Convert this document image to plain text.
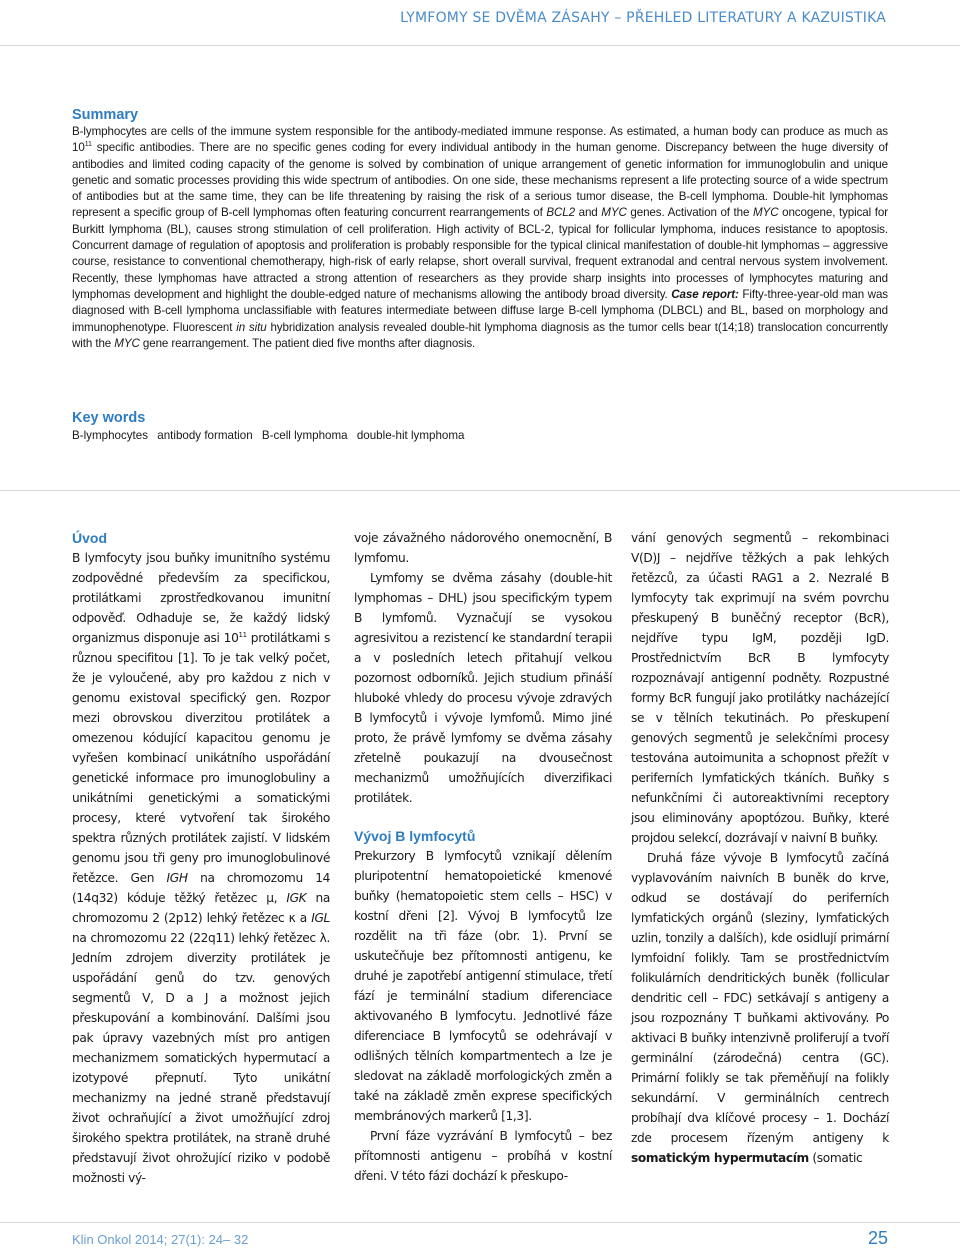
LYMFOMY SE DVĚMA ZÁSAHY – PŘEHLED LITERATURY A KAZUISTIKA
Summary

B-lymphocytes are cells of the immune system responsible for the antibody-mediated immune response. As estimated, a human body can produce as much as $10^{11}$ specific antibodies. There are no specific genes coding for every individual antibody in the human genome. Discrepancy between the huge diversity of antibodies and limited coding capacity of the genome is solved by combination of unique arrangement of genetic information for immunoglobulin and unique genetic and somatic processes providing this wide spectrum of antibodies. On one side, these mechanisms represent a life protecting source of a wide spectrum of antibodies but at the same time, they can be life threatening by raising the risk of a serious tumor disease, the B-cell lymphoma. Double-hit lymphomas represent a specific group of B-cell lymphomas often featuring concurrent rearrangements of BCL2 and MYC genes. Activation of the MYC oncogene, typical for Burkitt lymphoma (BL), causes strong stimulation of cell proliferation. High activity of BCL-2, typical for follicular lymphoma, induces resistance to apoptosis. Concurrent damage of regulation of apoptosis and proliferation is probably responsible for the typical clinical manifestation of double-hit lymphomas – aggressive course, resistance to conventional chemotherapy, high-risk of early relapse, short overall survival, frequent extranodal and central nervous system involvement. Recently, these lymphomas have attracted a strong attention of researchers as they provide sharp insights into processes of lymphocytes maturing and lymphomas development and highlight the double-edged nature of mechanisms allowing the antibody broad diversity. Case report: Fifty-three-year-old man was diagnosed with B-cell lymphoma unclassifiable with features intermediate between diffuse large B-cell lymphoma (DLBCL) and BL, based on morphology and immunophenotype. Fluorescent in situ hybridization analysis revealed double-hit lymphoma diagnosis as the tumor cells bear t(14;18) translocation concurrently with the MYC gene rearrangement. The patient died five months after diagnosis.

Key words

B-lymphocytes antibody formation B-cell lymphoma double-hit lymphoma

Úvod

B lymfocyty jsou buňky imunitního systému zodpovědné především za specifickou, protilátkami zprostředkovanou imunitní odpověď. Odhaduje se, že každý lidský organizmus disponuje asi $10^{11}$ protilátkami s různou specifitou [1]. To je tak velký počet, že je vyloučené, aby pro každou z nich v genomu existoval specifický gen. Rozpor mezi obrovskou diverzitou protilátek a omezenou kódující kapacitou genomu je vyřešen kombinací unikátního uspořádání genetické informace pro imunoglobuliny a unikátními genetickými a somatickými procesy, které vytvoření tak širokého spektra různých protilátek zajistí. V lidském genomu jsou tři geny pro imunoglobulinové řetězce. Gen IGH na chromozomu 14 (14q32) kóduje těžký řetězec µ, IGK na chromozomu 2 (2p12) lehký řetězec κ a IGL na chromozomu 22 (22q11) lehký řetězec λ. Jedním zdrojem diverzity protilátek je uspořádání genů do tzv. genových segmentů V, D a J a možnost jejich přeskupování a kombinování. Dalšími jsou pak úpravy vazebných míst pro antigen mechanizmem somatických hypermutací a izotypové přepnutí. Tyto unikátní mechanizmy na jedné straně představují život ochraňující a život umožňující zdroj širokého spektra protilátek, na straně druhé představují život ohrožující riziko v podobě možnosti vý-

voje závažného nádorového onemocnění, B lymfomu.

Lymfomy se dvěma zásahy (double-hit lymphomas – DHL) jsou specifickým typem B lymfomů. Vyznačují se vysokou agresivitou a rezistencí ke standardní terapii a v posledních letech přitahují velkou pozornost odborníků. Jejich studium přináší hluboké vhledy do procesu vývoje zdravých B lymfocytů i vývoje lymfomů. Mimo jiné proto, že právě lymfomy se dvěma zásahy zřetelně poukazují na dvousečnost mechanizmů umožňujících diverzifikaci protilátek.

Vývoj B lymfocytů

Prekurzory B lymfocytů vznikají dělením pluripotentní hematopoietické kmenové buňky (hematopoietic stem cells – HSC) v kostní dřeni [2]. Vývoj B lymfocytů lze rozdělit na tři fáze (obr. 1). První se uskutečňuje bez přítomnosti antigenu, ke druhé je zapotřebí antigenní stimulace, třetí fází je terminální stadium diferenciace aktivovaného B lymfocytu. Jednotlivé fáze diferenciace B lymfocytů se odehrávají v odlišných tělních kompartmentech a lze je sledovat na základě morfologických změn a také na základě změn exprese specifických membránových markerů [1,3].

První fáze vyzrávání B lymfocytů – bez přítomnosti antigenu – probíhá v kostní dřeni. V této fázi dochází k přeskupo-

vání genových segmentů – rekombinaci V(D)J – nejdříve těžkých a pak lehkých řetězců, za účasti RAG1 a 2. Nezralé B lymfocyty tak exprimují na svém povrchu přeskupený B buněčný receptor (BcR), nejdříve typu IgM, později IgD. Prostřednictvím BcR B lymfocyty rozpoznávají antigenní podněty. Rozpustné formy BcR fungují jako protilátky nacházející se v tělních tekutinách. Po přeskupení genových segmentů je selekčními procesy testována autoimunita a schopnost přežít v periferních lymfatických tkáních. Buňky s nefunkčními či autoreaktivními receptory jsou eliminovány apoptózou. Buňky, které projdou selekcí, dozrávají v naivní B buňky.

Druhá fáze vývoje B lymfocytů začíná vyplavováním naivních B buněk do krve, odkud se dostávají do periferních lymfatických orgánů (sleziny, lymfatických uzlin, tonzily a dalších), kde osidlují primární lymfoidní folikly. Tam se prostřednictvím folikulárních dendritických buněk (follicular dendritic cell – FDC) setkávají s antigeny a jsou rozpoznány T buňkami aktivovány. Po aktivaci B buňky intenzivně proliferují a tvoří germinální (zárodečná) centra (GC). Primární folikly se tak přeměňují na folikly sekundární. V germinálních centrech probíhají dva klíčové procesy – 1. Dochází zde procesem řízeným antigeny k somatickým hypermutacím (somatic

Klin Onkol 2014; 27(1): 24– 32	25
